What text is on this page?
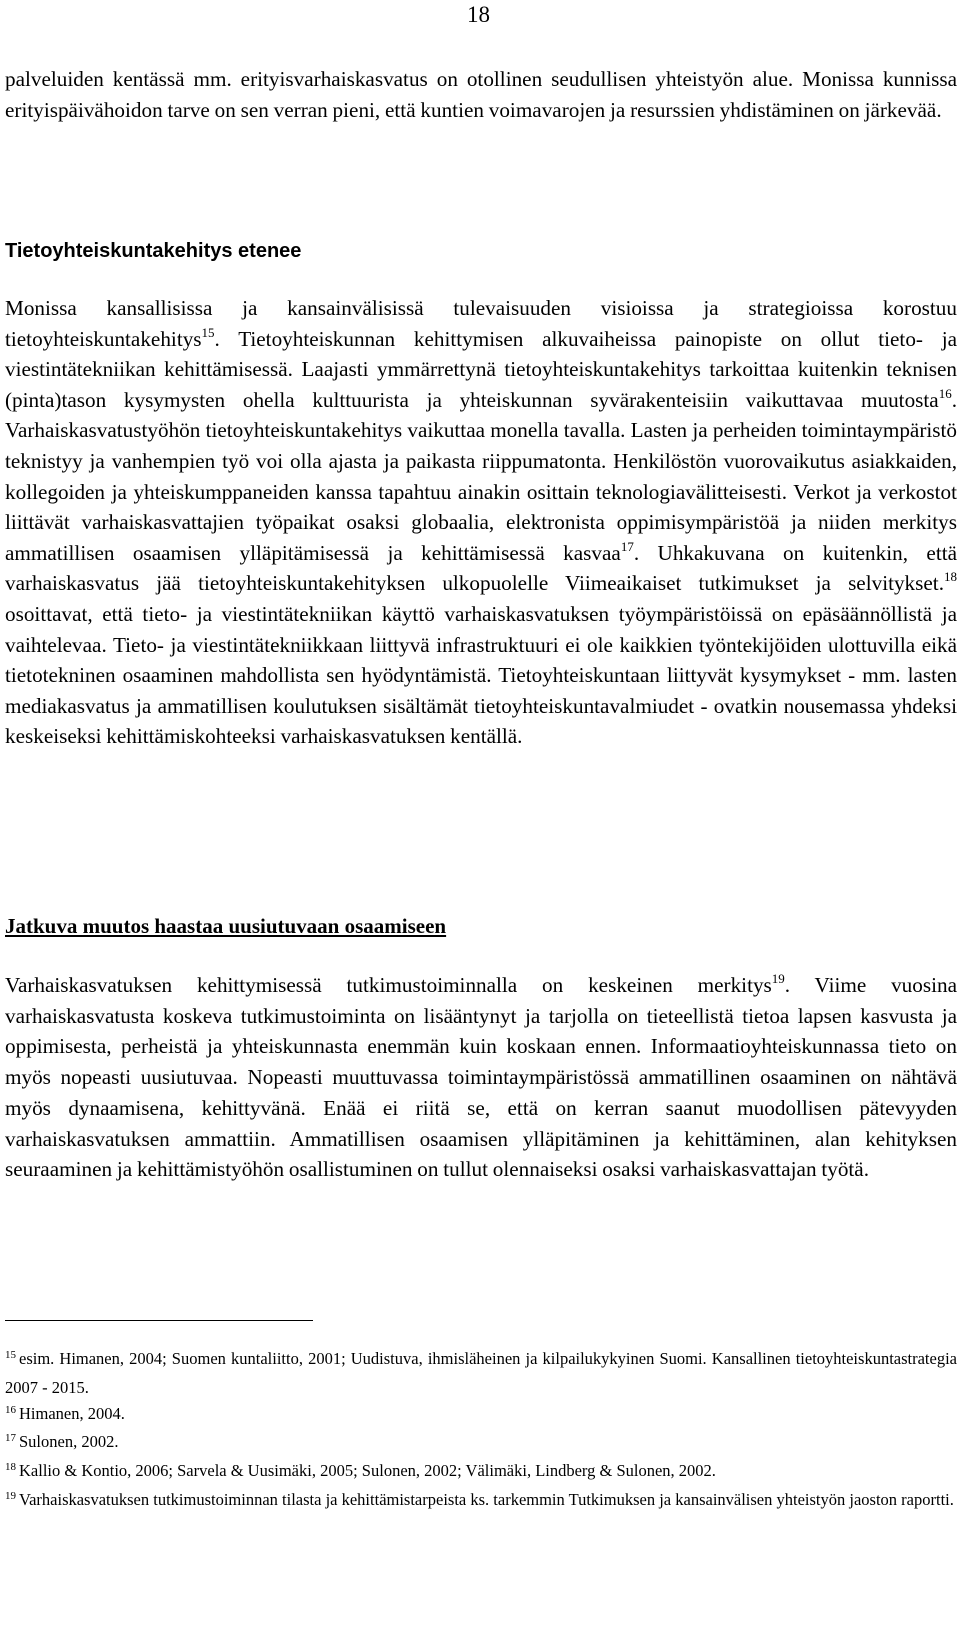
18

palveluiden kentässä mm. erityisvarhaiskasvatus on otollinen seudullisen yhteistyön alue. Monissa kunnissa erityispäivähoidon tarve on sen verran pieni, että kuntien voimavarojen ja resurssien yhdistäminen on järkevää.

Tietoyhteiskuntakehitys etenee

Monissa kansallisissa ja kansainvälisissä tulevaisuuden visioissa ja strategioissa korostuu tietoyhteiskuntakehitys$^{15}$. Tietoyhteiskunnan kehittymisen alkuvaiheissa painopiste on ollut tieto- ja viestintätekniikan kehittämisessä. Laajasti ymmärrettynä tietoyhteiskuntakehitys tarkoittaa kuitenkin teknisen (pinta)tason kysymysten ohella kulttuurista ja yhteiskunnan syvärakenteisiin vaikuttavaa muutosta$^{16}$. Varhaiskasvatustyöhön tietoyhteiskuntakehitys vaikuttaa monella tavalla. Lasten ja perheiden toimintaympäristö teknistyy ja vanhempien työ voi olla ajasta ja paikasta riippumatonta. Henkilöstön vuorovaikutus asiakkaiden, kollegoiden ja yhteiskumppaneiden kanssa tapahtuu ainakin osittain teknologiavälitteisesti. Verkot ja verkostot liittävät varhaiskasvattajien työpaikat osaksi globaalia, elektronista oppimisympäristöä ja niiden merkitys ammatillisen osaamisen ylläpitämisessä ja kehittämisessä kasvaa$^{17}$. Uhkakuvana on kuitenkin, että varhaiskasvatus jää tietoyhteiskuntakehityksen ulkopuolelle Viimeaikaiset tutkimukset ja selvitykset.$^{18}$ osoittavat, että tieto- ja viestintätekniikan käyttö varhaiskasvatuksen työympäristöissä on epäsäännöllistä ja vaihtelevaa. Tieto- ja viestintätekniikkaan liittyvä infrastruktuuri ei ole kaikkien työntekijöiden ulottuvilla eikä tietotekninen osaaminen mahdollista sen hyödyntämistä. Tietoyhteiskuntaan liittyvät kysymykset - mm. lasten mediakasvatus ja ammatillisen koulutuksen sisältämät tietoyhteiskuntavalmiudet - ovatkin nousemassa yhdeksi keskeiseksi kehittämiskohteeksi varhaiskasvatuksen kentällä.

Jatkuva muutos haastaa uusiutuvaan osaamiseen

Varhaiskasvatuksen kehittymisessä tutkimustoiminnalla on keskeinen merkitys$^{19}$. Viime vuosina varhaiskasvatusta koskeva tutkimustoiminta on lisääntynyt ja tarjolla on tieteellistä tietoa lapsen kasvusta ja oppimisesta, perheistä ja yhteiskunnasta enemmän kuin koskaan ennen. Informaatioyhteiskunnassa tieto on myös nopeasti uusiutuvaa. Nopeasti muuttuvassa toimintaympäristössä ammatillinen osaaminen on nähtävä myös dynaamisena, kehittyvänä. Enää ei riitä se, että on kerran saanut muodollisen pätevyyden varhaiskasvatuksen ammattiin. Ammatillisen osaamisen ylläpitäminen ja kehittäminen, alan kehityksen seuraaminen ja kehittämistyöhön osallistuminen on tullut olennaiseksi osaksi varhaiskasvattajan työtä.

$^{15}$ esim. Himanen, 2004; Suomen kuntaliitto, 2001; Uudistuva, ihmisläheinen ja kilpailukykyinen Suomi. Kansallinen tietoyhteiskuntastrategia 2007 - 2015.

$^{16}$ Himanen, 2004.

$^{17}$ Sulonen, 2002.

$^{18}$ Kallio & Kontio, 2006; Sarvela & Uusimäki, 2005; Sulonen, 2002; Välimäki, Lindberg & Sulonen, 2002.

$^{19}$ Varhaiskasvatuksen tutkimustoiminnan tilasta ja kehittämistarpeista ks. tarkemmin Tutkimuksen ja kansainvälisen yhteistyön jaoston raportti.
